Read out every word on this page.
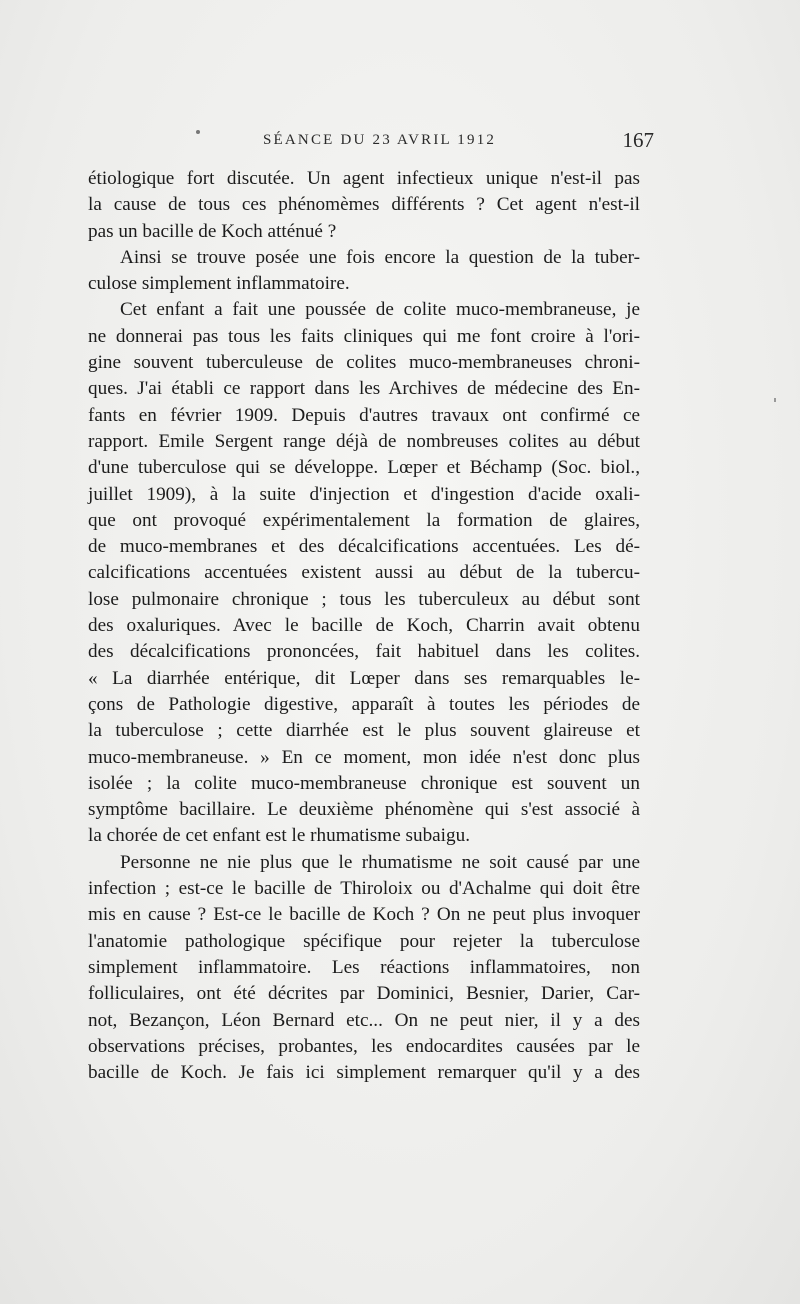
SÉANCE DU 23 AVRIL 1912	167

étiologique fort discutée. Un agent infectieux unique n'est-il pas
la cause de tous ces phénomèmes différents ? Cet agent n'est-il
pas un bacille de Koch atténué ?

Ainsi se trouve posée une fois encore la question de la tuber-
culose simplement inflammatoire.

Cet enfant a fait une poussée de colite muco-membraneuse, je
ne donnerai pas tous les faits cliniques qui me font croire à l'ori-
gine souvent tuberculeuse de colites muco-membraneuses chroni-
ques. J'ai établi ce rapport dans les Archives de médecine des En-
fants en février 1909. Depuis d'autres travaux ont confirmé ce
rapport. Emile Sergent range déjà de nombreuses colites au début
d'une tuberculose qui se développe. Lœper et Béchamp (Soc. biol.,
juillet 1909), à la suite d'injection et d'ingestion d'acide oxali-
que ont provoqué expérimentalement la formation de glaires,
de muco-membranes et des décalcifications accentuées. Les dé-
calcifications accentuées existent aussi au début de la tubercu-
lose pulmonaire chronique ; tous les tuberculeux au début sont
des oxaluriques. Avec le bacille de Koch, Charrin avait obtenu
des décalcifications prononcées, fait habituel dans les colites.
« La diarrhée entérique, dit Lœper dans ses remarquables le-
çons de Pathologie digestive, apparaît à toutes les périodes de
la tuberculose ; cette diarrhée est le plus souvent glaireuse et
muco-membraneuse. » En ce moment, mon idée n'est donc plus
isolée ; la colite muco-membraneuse chronique est souvent un
symptôme bacillaire. Le deuxième phénomène qui s'est associé à
la chorée de cet enfant est le rhumatisme subaigu.

Personne ne nie plus que le rhumatisme ne soit causé par une
infection ; est-ce le bacille de Thiroloix ou d'Achalme qui doit être
mis en cause ? Est-ce le bacille de Koch ? On ne peut plus invoquer
l'anatomie pathologique spécifique pour rejeter la tuberculose
simplement inflammatoire. Les réactions inflammatoires, non
folliculaires, ont été décrites par Dominici, Besnier, Darier, Car-
not, Bezançon, Léon Bernard etc... On ne peut nier, il y a des
observations précises, probantes, les endocardites causées par le
bacille de Koch. Je fais ici simplement remarquer qu'il y a des
